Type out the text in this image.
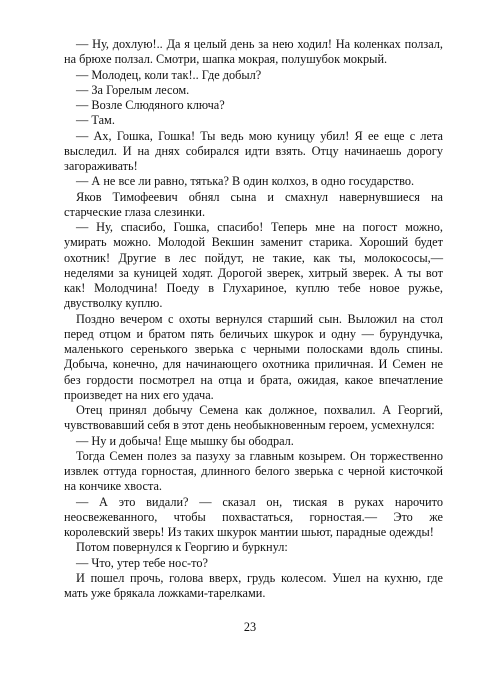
— Ну, дохлую!.. Да я целый день за нею ходил! На коленках ползал, на брюхе ползал. Смотри, шапка мокрая, полушубок мокрый.

— Молодец, коли так!.. Где добыл?

— За Горелым лесом.

— Возле Слюдяного ключа?

— Там.

— Ах, Гошка, Гошка! Ты ведь мою куницу убил! Я ее еще с лета выследил. И на днях собирался идти взять. Отцу начинаешь дорогу загораживать!

— А не все ли равно, тятька? В один колхоз, в одно государство.

Яков Тимофеевич обнял сына и смахнул навернувшиеся на старческие глаза слезинки.

— Ну, спасибо, Гошка, спасибо! Теперь мне на погост можно, умирать можно. Молодой Векшин заменит старика. Хороший будет охотник! Другие в лес пойдут, не такие, как ты, молокососы,— неделями за куницей ходят. Дорогой зверек, хитрый зверек. А ты вот как! Молодчина! Поеду в Глухариное, куплю тебе новое ружье, двустволку куплю.

Поздно вечером с охоты вернулся старший сын. Выложил на стол перед отцом и братом пять беличьих шкурок и одну — бурундучка, маленького серенького зверька с черными полосками вдоль спины. Добыча, конечно, для начинающего охотника приличная. И Семен не без гордости посмотрел на отца и брата, ожидая, какое впечатление произведет на них его удача.

Отец принял добычу Семена как должное, похвалил. А Георгий, чувствовавший себя в этот день необыкновенным героем, усмехнулся:

— Ну и добыча! Еще мышку бы ободрал.

Тогда Семен полез за пазуху за главным козырем. Он торжественно извлек оттуда горностая, длинного белого зверька с черной кисточкой на кончике хвоста.

— А это видали? — сказал он, тиская в руках нарочито неосвежеванного, чтобы похвастаться, горностая.— Это же королевский зверь! Из таких шкурок мантии шьют, парадные одежды!

Потом повернулся к Георгию и буркнул:

— Что, утер тебе нос-то?

И пошел прочь, голова вверх, грудь колесом. Ушел на кухню, где мать уже брякала ложками-тарелками.

23
